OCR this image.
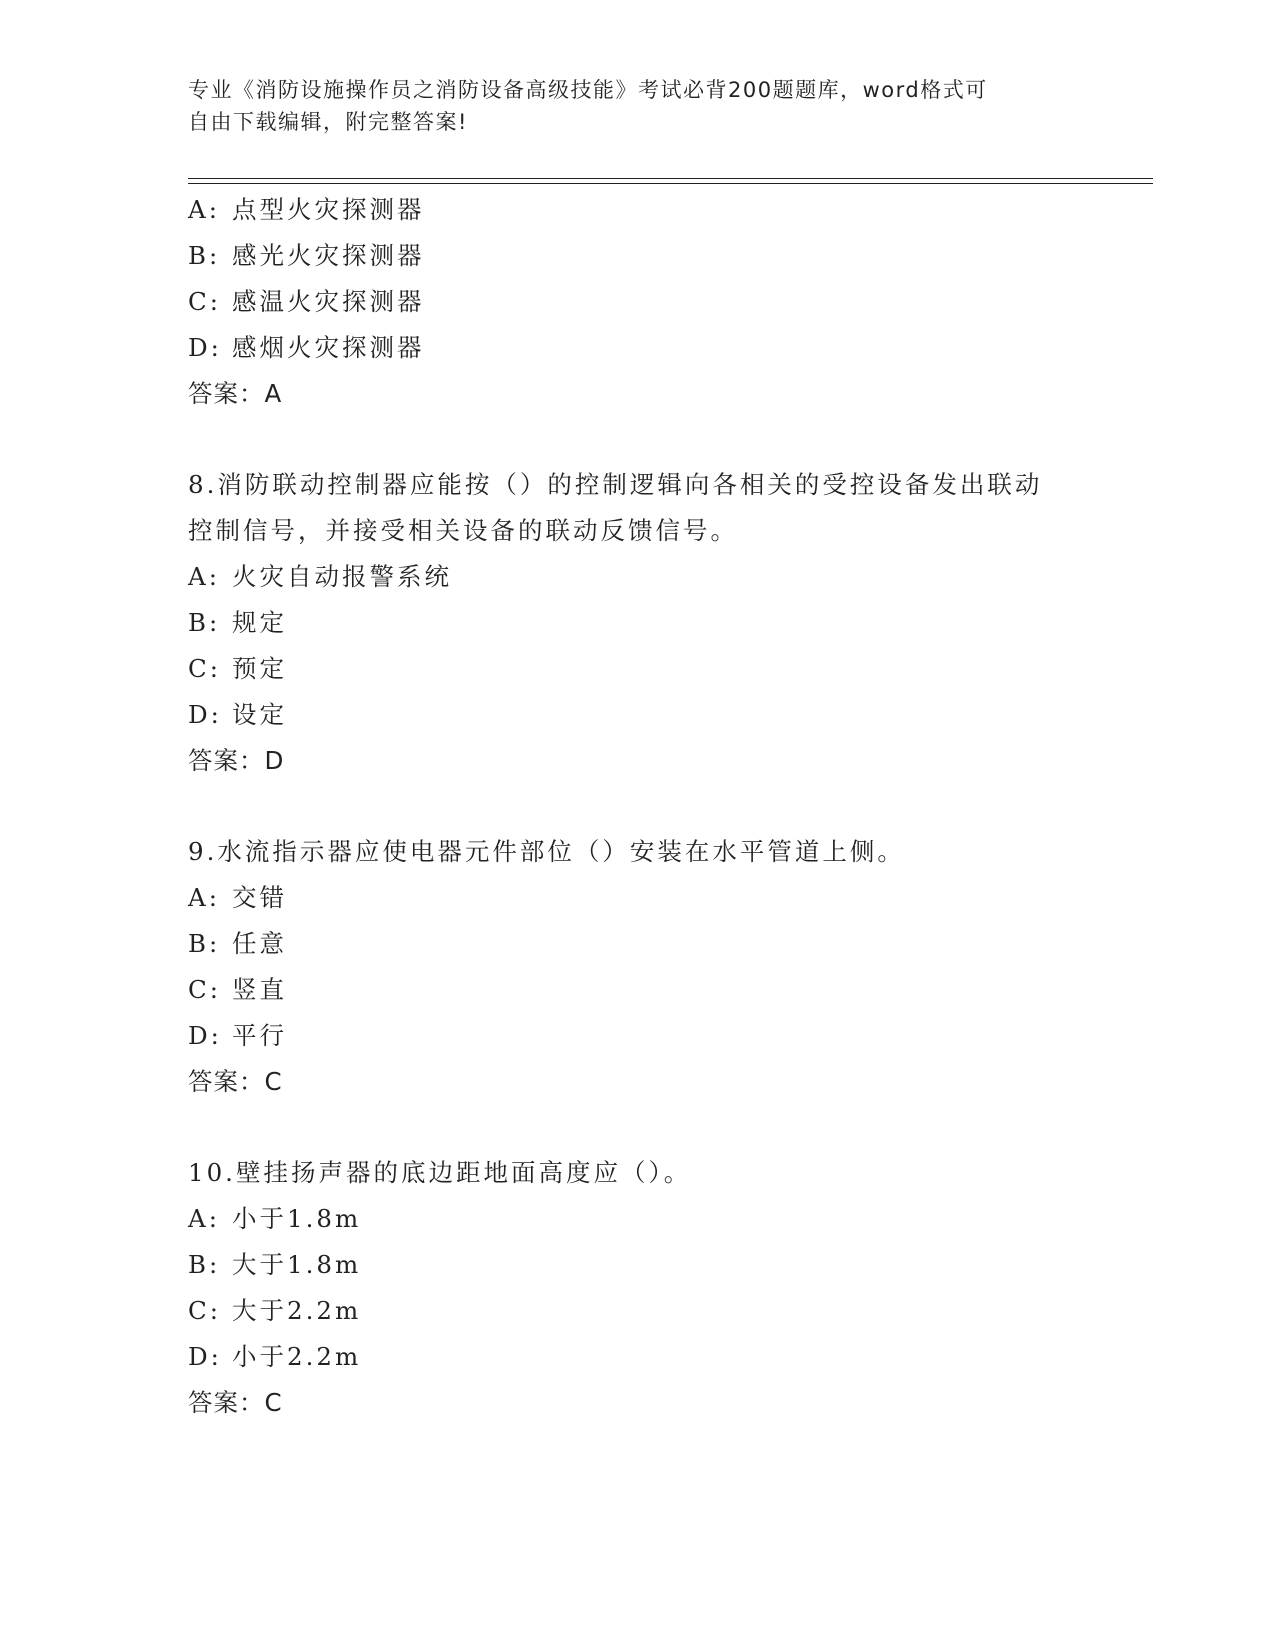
专业《消防设施操作员之消防设备高级技能》考试必背200题题库，word格式可
自由下载编辑，附完整答案!
A: 点型火灾探测器
B: 感光火灾探测器
C: 感温火灾探测器
D: 感烟火灾探测器
答案：A
8.消防联动控制器应能按（）的控制逻辑向各相关的受控设备发出联动控制信号，并接受相关设备的联动反馈信号。
A: 火灾自动报警系统
B: 规定
C: 预定
D: 设定
答案：D
9.水流指示器应使电器元件部位（）安装在水平管道上侧。
A: 交错
B: 任意
C: 竖直
D: 平行
答案：C
10.壁挂扬声器的底边距地面高度应（）。
A: 小于1.8m
B: 大于1.8m
C: 大于2.2m
D: 小于2.2m
答案：C
